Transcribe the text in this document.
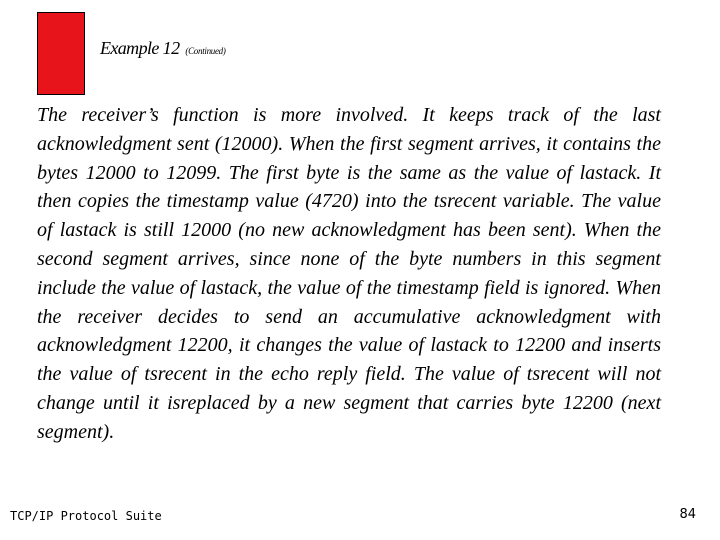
Example 12 (Continued)

The receiver’s function is more involved. It keeps track of the last acknowledgment sent (12000). When the first segment arrives, it contains the bytes 12000 to 12099. The first byte is the same as the value of lastack. It then copies the timestamp value (4720) into the tsrecent variable. The value of lastack is still 12000 (no new acknowledgment has been sent). When the second segment arrives, since none of the byte numbers in this segment include the value of lastack, the value of the timestamp field is ignored. When the receiver decides to send an accumulative acknowledgment with acknowledgment 12200, it changes the value of lastack to 12200 and inserts the value of tsrecent in the echo reply field. The value of tsrecent will not change until it isreplaced by a new segment that carries byte 12200 (next segment).

TCP/IP Protocol Suite	84
